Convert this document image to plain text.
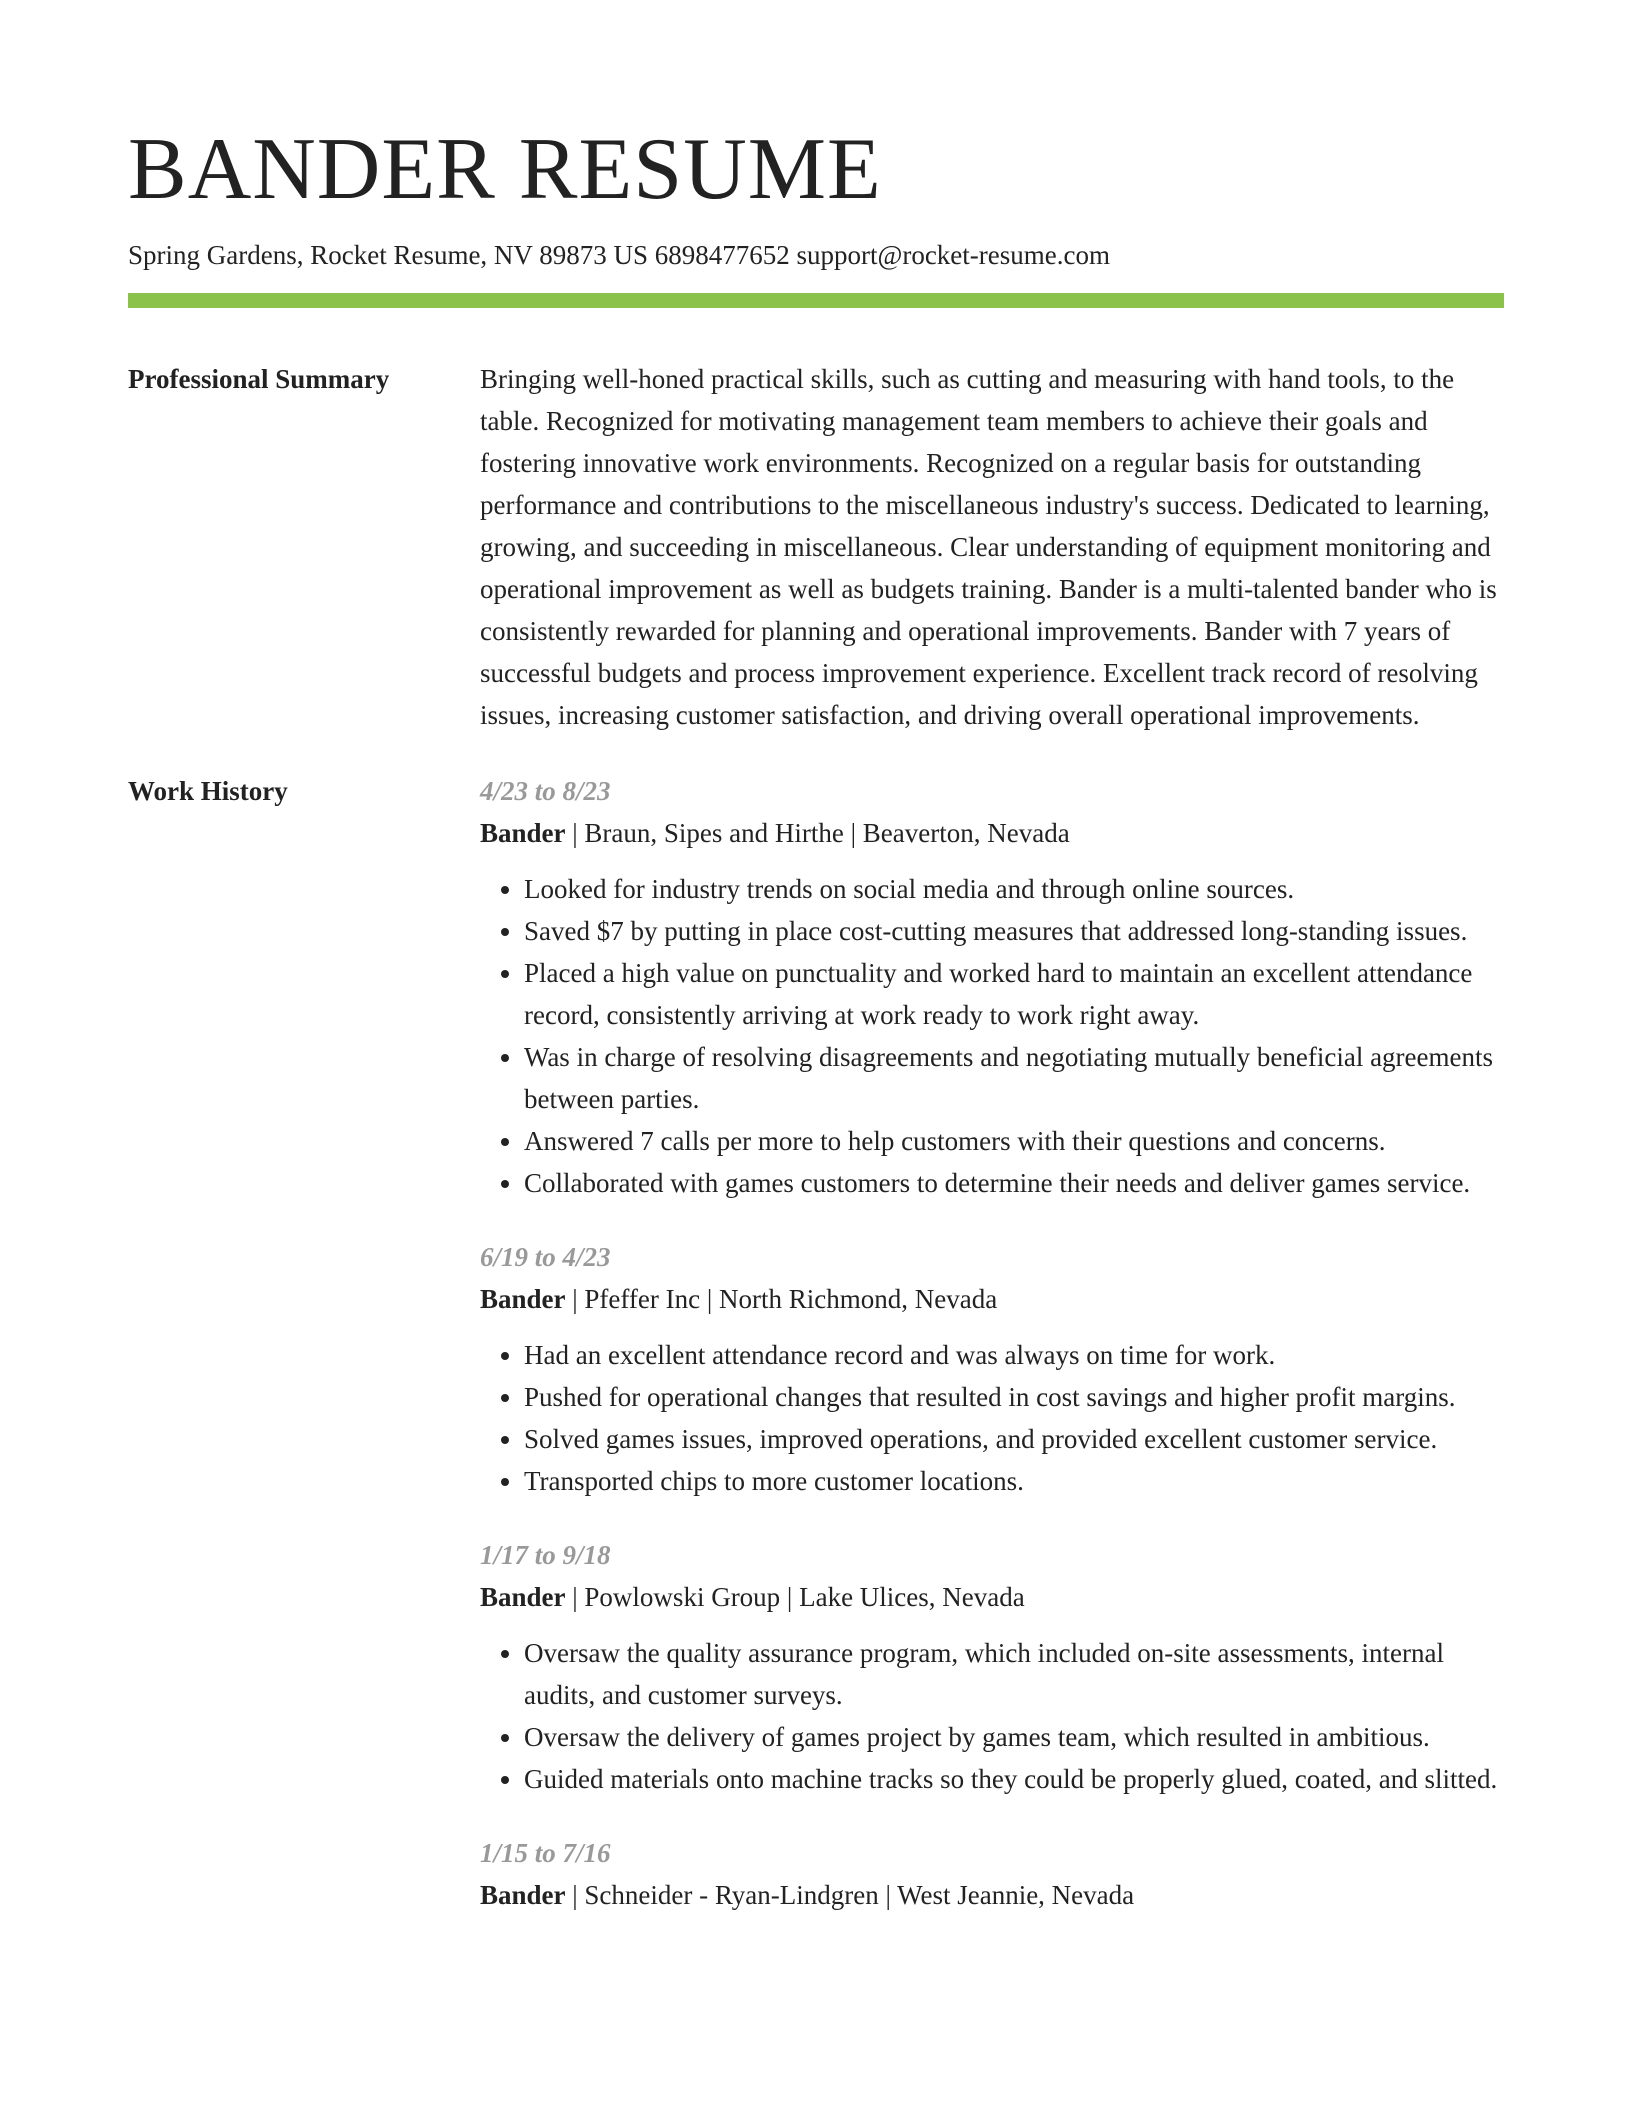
BANDER RESUME
Spring Gardens, Rocket Resume, NV 89873 US 6898477652 support@rocket-resume.com
Professional Summary	Bringing well-honed practical skills, such as cutting and measuring with hand tools, to the table. Recognized for motivating management team members to achieve their goals and fostering innovative work environments. Recognized on a regular basis for outstanding performance and contributions to the miscellaneous industry's success. Dedicated to learning, growing, and succeeding in miscellaneous. Clear understanding of equipment monitoring and operational improvement as well as budgets training. Bander is a multi-talented bander who is consistently rewarded for planning and operational improvements. Bander with 7 years of successful budgets and process improvement experience. Excellent track record of resolving issues, increasing customer satisfaction, and driving overall operational improvements.

Work History	4/23 to 8/23
Bander | Braun, Sipes and Hirthe | Beaverton, Nevada
• Looked for industry trends on social media and through online sources.
• Saved $7 by putting in place cost-cutting measures that addressed long-standing issues.
• Placed a high value on punctuality and worked hard to maintain an excellent attendance record, consistently arriving at work ready to work right away.
• Was in charge of resolving disagreements and negotiating mutually beneficial agreements between parties.
• Answered 7 calls per more to help customers with their questions and concerns.
• Collaborated with games customers to determine their needs and deliver games service.
6/19 to 4/23
Bander | Pfeffer Inc | North Richmond, Nevada
• Had an excellent attendance record and was always on time for work.
• Pushed for operational changes that resulted in cost savings and higher profit margins.
• Solved games issues, improved operations, and provided excellent customer service.
• Transported chips to more customer locations.
1/17 to 9/18
Bander | Powlowski Group | Lake Ulices, Nevada
• Oversaw the quality assurance program, which included on-site assessments, internal audits, and customer surveys.
• Oversaw the delivery of games project by games team, which resulted in ambitious.
• Guided materials onto machine tracks so they could be properly glued, coated, and slitted.
1/15 to 7/16
Bander | Schneider - Ryan-Lindgren | West Jeannie, Nevada
